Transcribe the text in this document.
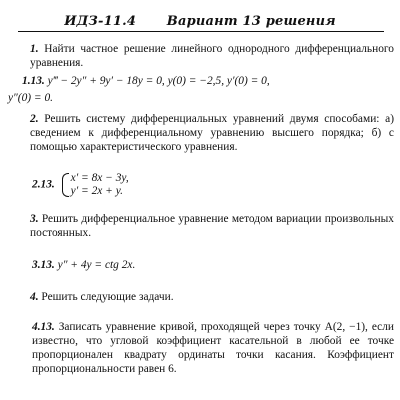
ИДЗ-11.4 Вариант 13 решения
1. Найти частное решение линейного однородного дифференциального уравнения.
1.13. y‴ − 2y″ + 9y′ − 18y = 0, y(0) = −2,5, y′(0) = 0,
y″(0) = 0.
2. Решить систему дифференциальных уравнений двумя способами: а) сведением к дифференциальному уравнению высшего порядка; б) с помощью характеристического уравнения.
2.13.
x′ = 8x − 3y,
y′ = 2x + y.
3. Решить дифференциальное уравнение методом вариации произвольных постоянных.
3.13. y″ + 4y = ctg 2x.
4. Решить следующие задачи.
4.13. Записать уравнение кривой, проходящей через точку A(2, −1), если известно, что угловой коэффициент касательной в любой ее точке пропорционален квадрату ординаты точки касания. Коэффициент пропорциональности равен 6.
